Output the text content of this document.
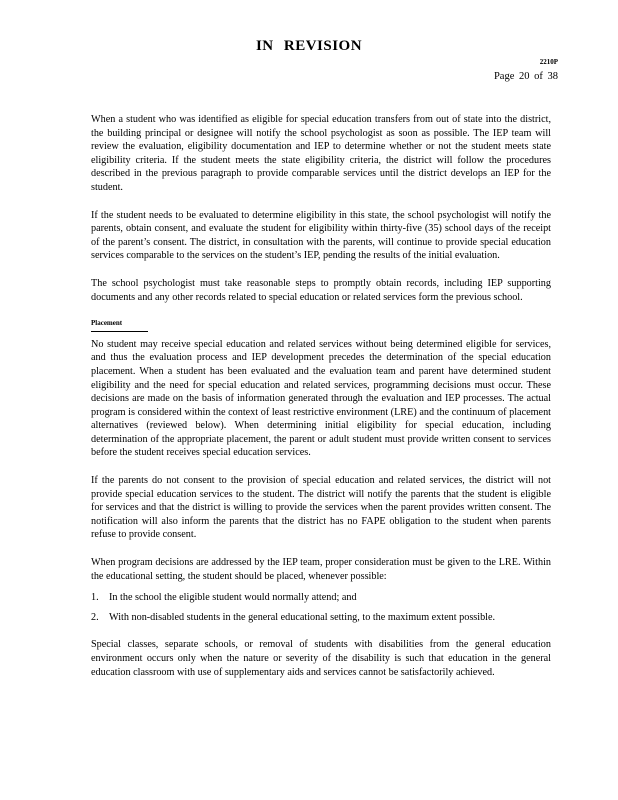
IN REVISION
2210P
Page 20 of 38

When a student who was identified as eligible for special education transfers from out of state into the district, the building principal or designee will notify the school psychologist as soon as possible. The IEP team will review the evaluation, eligibility documentation and IEP to determine whether or not the student meets state eligibility criteria. If the student meets the state eligibility criteria, the district will follow the procedures described in the previous paragraph to provide comparable services until the district develops an IEP for the student.

If the student needs to be evaluated to determine eligibility in this state, the school psychologist will notify the parents, obtain consent, and evaluate the student for eligibility within thirty-five (35) school days of the receipt of the parent’s consent. The district, in consultation with the parents, will continue to provide special education services comparable to the services on the student’s IEP, pending the results of the initial evaluation.

The school psychologist must take reasonable steps to promptly obtain records, including IEP supporting documents and any other records related to special education or related services form the previous school.

Placement

No student may receive special education and related services without being determined eligible for services, and thus the evaluation process and IEP development precedes the determination of the special education placement. When a student has been evaluated and the evaluation team and parent have determined student eligibility and the need for special education and related services, programming decisions must occur. These decisions are made on the basis of information generated through the evaluation and IEP processes. The actual program is considered within the context of least restrictive environment (LRE) and the continuum of placement alternatives (reviewed below). When determining initial eligibility for special education, including determination of the appropriate placement, the parent or adult student must provide written consent to services before the student receives special education services.

If the parents do not consent to the provision of special education and related services, the district will not provide special education services to the student. The district will notify the parents that the student is eligible for services and that the district is willing to provide the services when the parent provides written consent. The notification will also inform the parents that the district has no FAPE obligation to the student when parents refuse to provide consent.

When program decisions are addressed by the IEP team, proper consideration must be given to the LRE. Within the educational setting, the student should be placed, whenever possible:

1.	In the school the eligible student would normally attend; and
2.	With non-disabled students in the general educational setting, to the maximum extent possible.

Special classes, separate schools, or removal of students with disabilities from the general education environment occurs only when the nature or severity of the disability is such that education in the general education classroom with use of supplementary aids and services cannot be satisfactorily achieved.
